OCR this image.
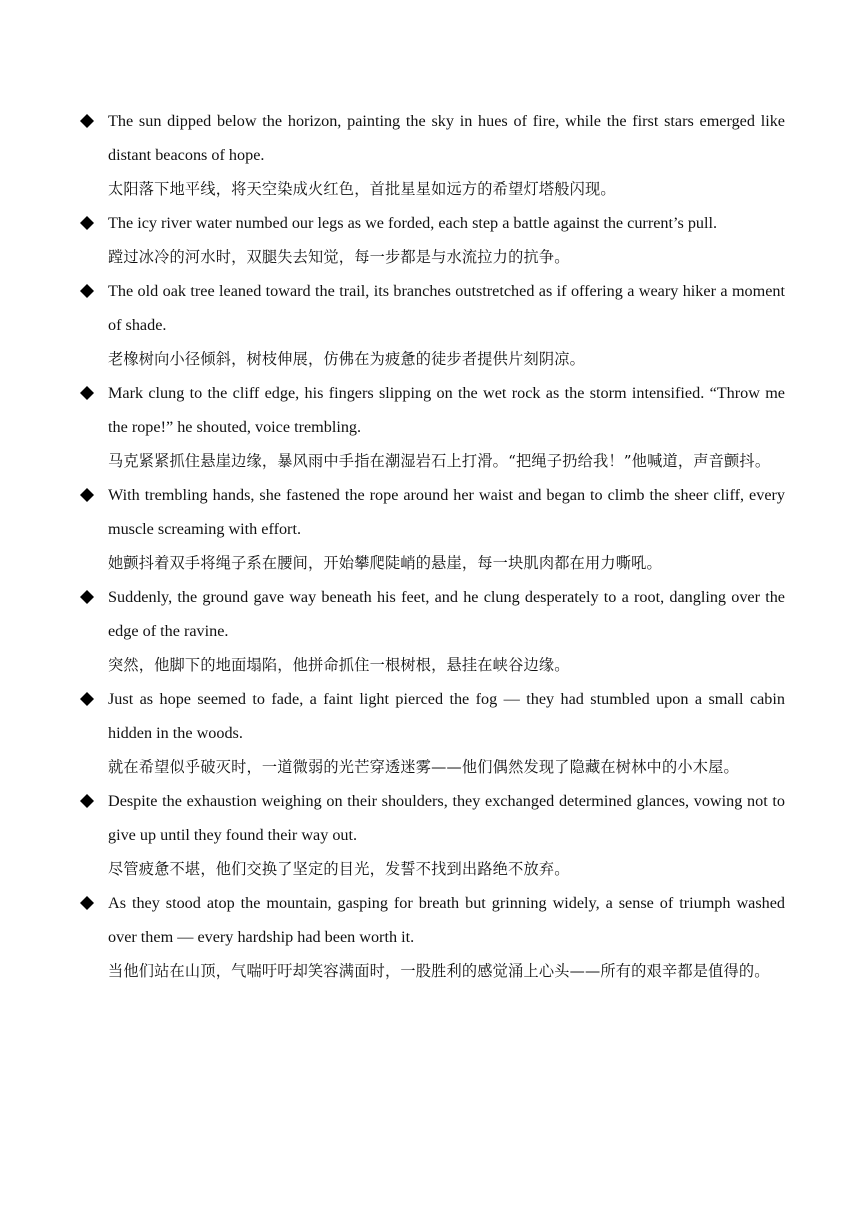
The sun dipped below the horizon, painting the sky in hues of fire, while the first stars emerged like distant beacons of hope.

太阳落下地平线，将天空染成火红色，首批星星如远方的希望灯塔般闪现。

The icy river water numbed our legs as we forded, each step a battle against the current’s pull.

蹚过冰冷的河水时，双腿失去知觉，每一步都是与水流拉力的抗争。

The old oak tree leaned toward the trail, its branches outstretched as if offering a weary hiker a moment of shade.

老橡树向小径倾斜，树枝伸展，仿佛在为疲惫的徒步者提供片刻阴凉。

Mark clung to the cliff edge, his fingers slipping on the wet rock as the storm intensified. “Throw me the rope!” he shouted, voice trembling.

马克紧紧抓住悬崖边缘，暴风雨中手指在潮湿岩石上打滑。“把绳子扔给我！”他喊道，声音颤抖。

With trembling hands, she fastened the rope around her waist and began to climb the sheer cliff, every muscle screaming with effort.

她颤抖着双手将绳子系在腰间，开始攀爬陡峭的悬崖，每一块肌肉都在用力嘶吼。

Suddenly, the ground gave way beneath his feet, and he clung desperately to a root, dangling over the edge of the ravine.

突然，他脚下的地面塌陷，他拼命抓住一根树根，悬挂在峡谷边缘。

Just as hope seemed to fade, a faint light pierced the fog — they had stumbled upon a small cabin hidden in the woods.

就在希望似乎破灭时，一道微弱的光芒穿透迷雾——他们偶然发现了隐藏在树林中的小木屋。

Despite the exhaustion weighing on their shoulders, they exchanged determined glances, vowing not to give up until they found their way out.

尽管疲惫不堪，他们交换了坚定的目光，发誓不找到出路绝不放弃。

As they stood atop the mountain, gasping for breath but grinning widely, a sense of triumph washed over them — every hardship had been worth it.

当他们站在山顶，气喘吁吁却笑容满面时，一股胜利的感觉涌上心头——所有的艰辛都是值得的。
